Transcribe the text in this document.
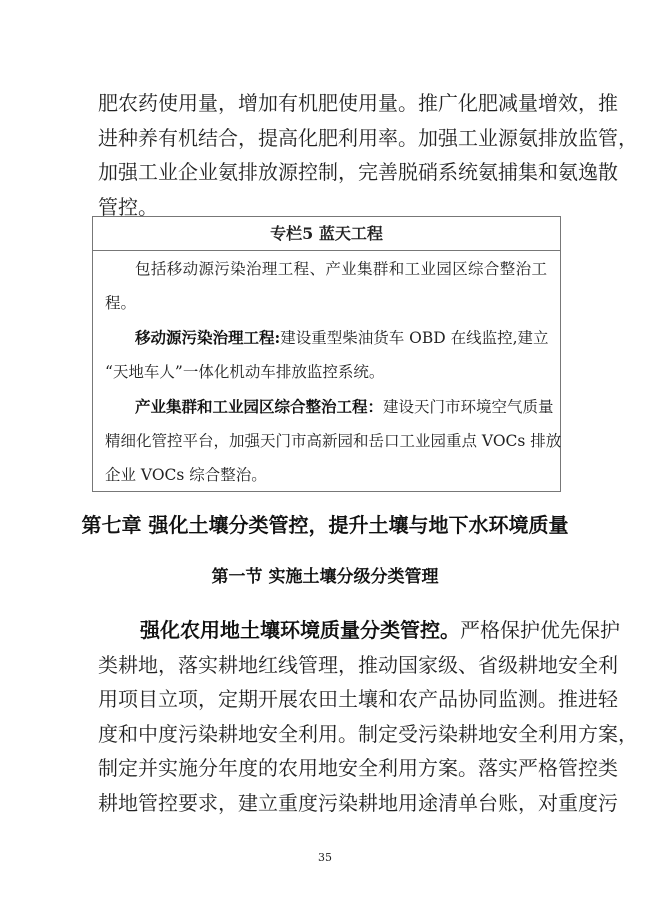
肥农药使用量，增加有机肥使用量。推广化肥减量增效，推
进种养有机结合，提高化肥利用率。加强工业源氨排放监管，
加强工业企业氨排放源控制，完善脱硝系统氨捕集和氨逸散
管控。
专栏5 蓝天工程
包括移动源污染治理工程、产业集群和工业园区综合整治工
程。
移动源污染治理工程:建设重型柴油货车 OBD 在线监控,建立
“天地车人”一体化机动车排放监控系统。
产业集群和工业园区综合整治工程：建设天门市环境空气质量
精细化管控平台，加强天门市高新园和岳口工业园重点 VOCs 排放
企业 VOCs 综合整治。
第七章 强化土壤分类管控，提升土壤与地下水环境质量
第一节 实施土壤分级分类管理
强化农用地土壤环境质量分类管控。严格保护优先保护
类耕地，落实耕地红线管理，推动国家级、省级耕地安全利
用项目立项，定期开展农田土壤和农产品协同监测。推进轻
度和中度污染耕地安全利用。制定受污染耕地安全利用方案，
制定并实施分年度的农用地安全利用方案。落实严格管控类
耕地管控要求，建立重度污染耕地用途清单台账，对重度污
35
